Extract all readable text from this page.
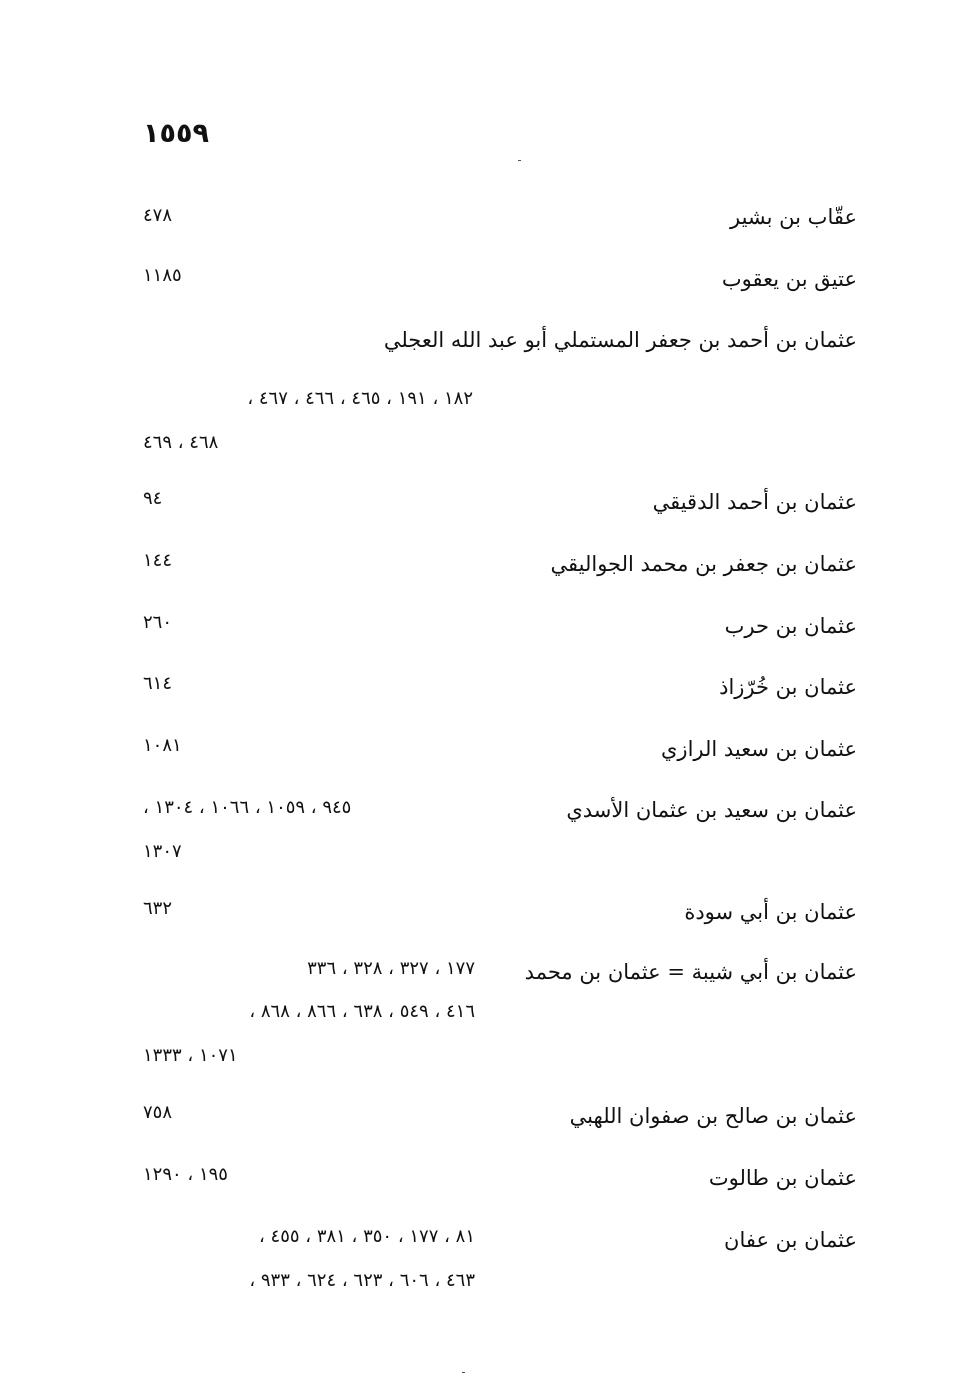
١٥٥٩
عقّاب بن بشير
٤٧٨
عتيق بن يعقوب
١١٨٥
عثمان بن أحمد بن جعفر المستملي أبو عبد الله العجلي
١٨٢ ، ١٩١ ، ٤٦٥ ، ٤٦٦ ، ٤٦٧ ،
٤٦٨ ، ٤٦٩
عثمان بن أحمد الدقيقي
٩٤
عثمان بن جعفر بن محمد الجواليقي
١٤٤
عثمان بن حرب
٢٦٠
عثمان بن خُرّزاذ
٦١٤
عثمان بن سعيد الرازي
١٠٨١
عثمان بن سعيد بن عثمان الأسدي
٩٤٥ ، ١٠٥٩ ، ١٠٦٦ ، ١٣٠٤ ،
١٣٠٧
عثمان بن أبي سودة
٦٣٢
عثمان بن أبي شيبة = عثمان بن محمد
١٧٧ ، ٣٢٧ ، ٣٢٨ ، ٣٣٦
٤١٦ ، ٥٤٩ ، ٦٣٨ ، ٨٦٦ ، ٨٦٨ ،
١٠٧١ ، ١٣٣٣
عثمان بن صالح بن صفوان اللهبي
٧٥٨
عثمان بن طالوت
١٩٥ ، ١٢٩٠
عثمان بن عفان
٨١ ، ١٧٧ ، ٣٥٠ ، ٣٨١ ، ٤٥٥ ،
٤٦٣ ، ٦٠٦ ، ٦٢٣ ، ٦٢٤ ، ٩٣٣ ،
